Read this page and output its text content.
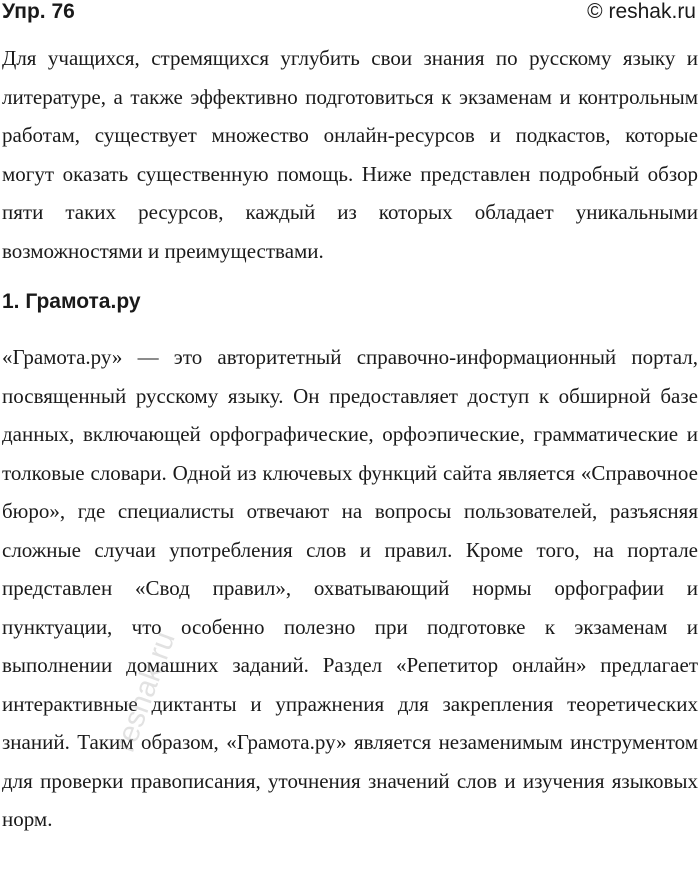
Упр. 76	© reshak.ru
Для учащихся, стремящихся углубить свои знания по русскому языку и литературе, а также эффективно подготовиться к экзаменам и контрольным работам, существует множество онлайн-ресурсов и подкастов, которые могут оказать существенную помощь. Ниже представлен подробный обзор пяти таких ресурсов, каждый из которых обладает уникальными возможностями и преимуществами.
1. Грамота.ру
«Грамота.ру» — это авторитетный справочно-информационный портал, посвященный русскому языку. Он предоставляет доступ к обширной базе данных, включающей орфографические, орфоэпические, грамматические и толковые словари. Одной из ключевых функций сайта является «Справочное бюро», где специалисты отвечают на вопросы пользователей, разъясняя сложные случаи употребления слов и правил. Кроме того, на портале представлен «Свод правил», охватывающий нормы орфографии и пунктуации, что особенно полезно при подготовке к экзаменам и выполнении домашних заданий. Раздел «Репетитор онлайн» предлагает интерактивные диктанты и упражнения для закрепления теоретических знаний. Таким образом, «Грамота.ру» является незаменимым инструментом для проверки правописания, уточнения значений слов и изучения языковых норм.
reshak.ru
